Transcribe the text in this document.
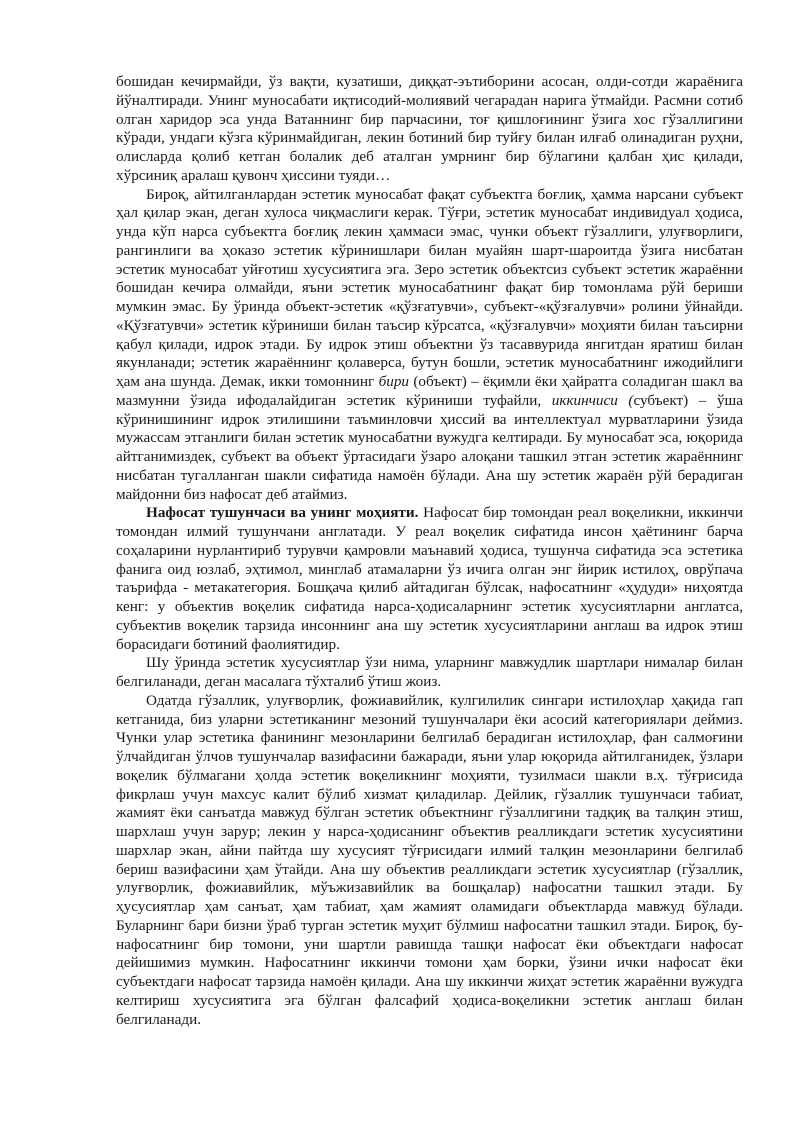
бошидан кечирмайди, ўз вақти, кузатиши, диққат-эътиборини асосан, олди-сотди жараёнига йўналтиради. Унинг муносабати иқтисодий-молиявий чегарадан нарига ўтмайди. Расмни сотиб олган харидор эса унда Ватаннинг бир парчасини, тоғ қишлоғининг ўзига хос гўзаллигини кўради, ундаги кўзга кўринмайдиган, лекин ботиний бир туйғу билан илғаб олинадиган руҳни, олисларда қолиб кетган болалик деб аталган умрнинг бир бўлагини қалбан ҳис қилади, хўрсиниқ аралаш қувонч ҳиссини туяди…

Бироқ, айтилганлардан эстетик муносабат фақат субъектга боғлиқ, ҳамма нарсани субъект ҳал қилар экан, деган хулоса чиқмаслиги керак. Тўғри, эстетик муносабат индивидуал ҳодиса, унда кўп нарса субъектга боғлиқ лекин ҳаммаси эмас, чунки объект гўзаллиги, улуғворлиги, рангинлиги ва ҳоказо эстетик кўринишлари билан муайян шарт-шароитда ўзига нисбатан эстетик муносабат уйғотиш хусусиятига эга. Зеро эстетик объектсиз субъект эстетик жараённи бошидан кечира олмайди, яъни эстетик муносабатнинг фақат бир томонлама рўй бериши мумкин эмас. Бу ўринда объект-эстетик «қўзғатувчи», субъект-«қўзғалувчи» ролини ўйнайди. «Қўзғатувчи» эстетик кўриниши билан таъсир кўрсатса, «қўзғалувчи» моҳияти билан таъсирни қабул қилади, идрок этади. Бу идрок этиш объектни ўз тасаввурида янгитдан яратиш билан якунланади; эстетик жараённинг қолаверса, бутун бошли, эстетик муносабатнинг ижодийлиги ҳам ана шунда. Демак, икки томоннинг бири (объект) – ёқимли ёки ҳайратга соладиган шакл ва мазмунни ўзида ифодалайдиган эстетик кўриниши туфайли, иккинчиси (субъект) – ўша кўринишининг идрок этилишини таъминловчи ҳиссий ва интеллектуал мурватларини ўзида мужассам этганлиги билан эстетик муносабатни вужудга келтиради. Бу муносабат эса, юқорида айтганимиздек, субъект ва объект ўртасидаги ўзаро алоқани ташкил этган эстетик жараённинг нисбатан тугалланган шакли сифатида намоён бўлади. Ана шу эстетик жараён рўй берадиган майдонни биз нафосат деб атаймиз.

Нафосат тушунчаси ва унинг моҳияти. Нафосат бир томондан реал воқеликни, иккинчи томондан илмий тушунчани англатади. У реал воқелик сифатида инсон ҳаётининг барча соҳаларини нурлантириб турувчи қамровли маънавий ҳодиса, тушунча сифатида эса эстетика фанига оид юзлаб, эҳтимол, минглаб атамаларни ўз ичига олган энг йирик истилоҳ, оврўпача таърифда - метакатегория. Бошқача қилиб айтадиган бўлсак, нафосатнинг «ҳудуди» ниҳоятда кенг: у объектив воқелик сифатида нарса-ҳодисаларнинг эстетик хусусиятларни англатса, субъектив воқелик тарзида инсоннинг ана шу эстетик хусусиятларини англаш ва идрок этиш борасидаги ботиний фаолиятидир.

Шу ўринда эстетик хусусиятлар ўзи нима, уларнинг мавжудлик шартлари нималар билан белгиланади, деган масалага тўхталиб ўтиш жоиз.

Одатда гўзаллик, улуғворлик, фожиавийлик, кулгилилик сингари истилоҳлар ҳақида гап кетганида, биз уларни эстетиканинг мезоний тушунчалари ёки асосий категориялари деймиз. Чунки улар эстетика фанининг мезонларини белгилаб берадиган истилоҳлар, фан салмоғини ўлчайдиган ўлчов тушунчалар вазифасини бажаради, яъни улар юқорида айтилганидек, ўзлари воқелик бўлмагани ҳолда эстетик воқеликнинг моҳияти, тузилмаси шакли в.ҳ. тўғрисида фикрлаш учун махсус калит бўлиб хизмат қиладилар. Дейлик, гўзаллик тушунчаси табиат, жамият ёки санъатда мавжуд бўлган эстетик объектнинг гўзаллигини тадқиқ ва талқин этиш, шархлаш учун зарур; лекин у нарса-ҳодисанинг объектив реалликдаги эстетик хусусиятини шархлар экан, айни пайтда шу хусусият тўғрисидаги илмий талқин мезонларини белгилаб бериш вазифасини ҳам ўтайди. Ана шу объектив реалликдаги эстетик хусусиятлар (гўзаллик, улуғворлик, фожиавийлик, мўъжизавийлик ва бошқалар) нафосатни ташкил этади. Бу ҳусусиятлар ҳам санъат, ҳам табиат, ҳам жамият оламидаги объектларда мавжуд бўлади. Буларнинг бари бизни ўраб турган эстетик муҳит бўлмиш нафосатни ташкил этади. Бироқ, бу-нафосатнинг бир томони, уни шартли равишда ташқи нафосат ёки объектдаги нафосат дейишимиз мумкин. Нафосатнинг иккинчи томони ҳам борки, ўзини ички нафосат ёки субъектдаги нафосат тарзида намоён қилади. Ана шу иккинчи жиҳат эстетик жараённи вужудга келтириш хусусиятига эга бўлган фалсафий ҳодиса-воқеликни эстетик англаш билан белгиланади.
